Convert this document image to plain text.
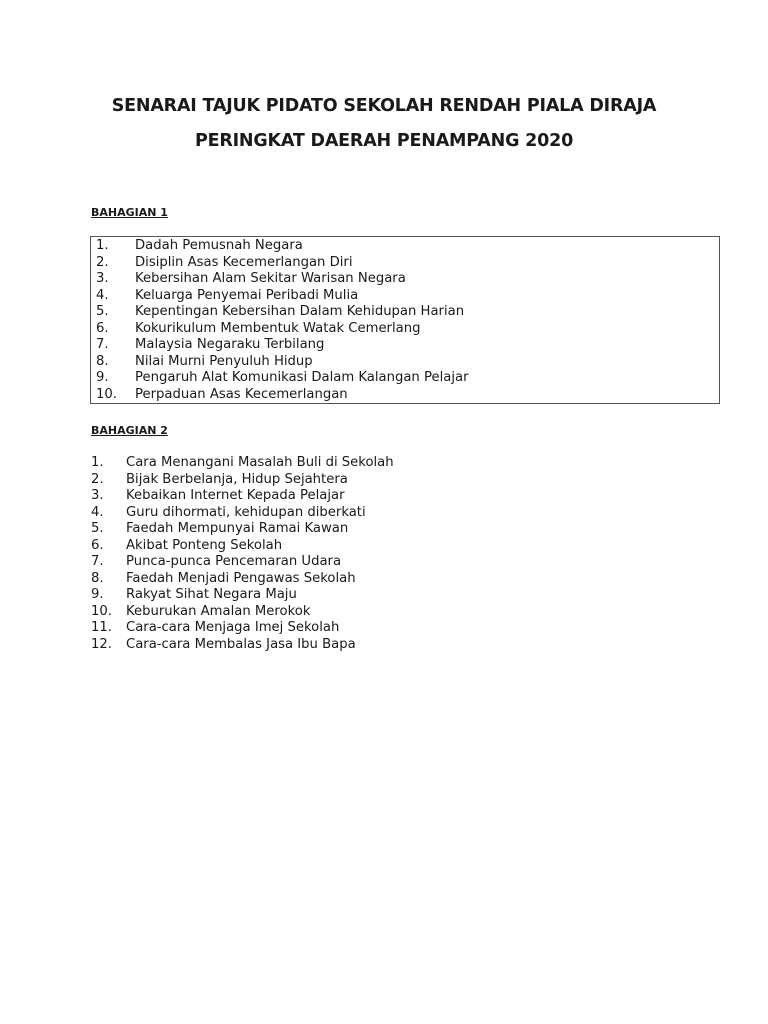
SENARAI TAJUK PIDATO SEKOLAH RENDAH PIALA DIRAJA
PERINGKAT DAERAH PENAMPANG 2020
BAHAGIAN 1
1. Dadah Pemusnah Negara
2. Disiplin Asas Kecemerlangan Diri
3. Kebersihan Alam Sekitar Warisan Negara
4. Keluarga Penyemai Peribadi Mulia
5. Kepentingan Kebersihan Dalam Kehidupan Harian
6. Kokurikulum Membentuk Watak Cemerlang
7. Malaysia Negaraku Terbilang
8. Nilai Murni Penyuluh Hidup
9. Pengaruh Alat Komunikasi Dalam Kalangan Pelajar
10. Perpaduan Asas Kecemerlangan
BAHAGIAN 2
1. Cara Menangani Masalah Buli di Sekolah
2. Bijak Berbelanja, Hidup Sejahtera
3. Kebaikan Internet Kepada Pelajar
4. Guru dihormati, kehidupan diberkati
5. Faedah Mempunyai Ramai Kawan
6. Akibat Ponteng Sekolah
7. Punca-punca Pencemaran Udara
8. Faedah Menjadi Pengawas Sekolah
9. Rakyat Sihat Negara Maju
10. Keburukan Amalan Merokok
11. Cara-cara Menjaga Imej Sekolah
12. Cara-cara Membalas Jasa Ibu Bapa
